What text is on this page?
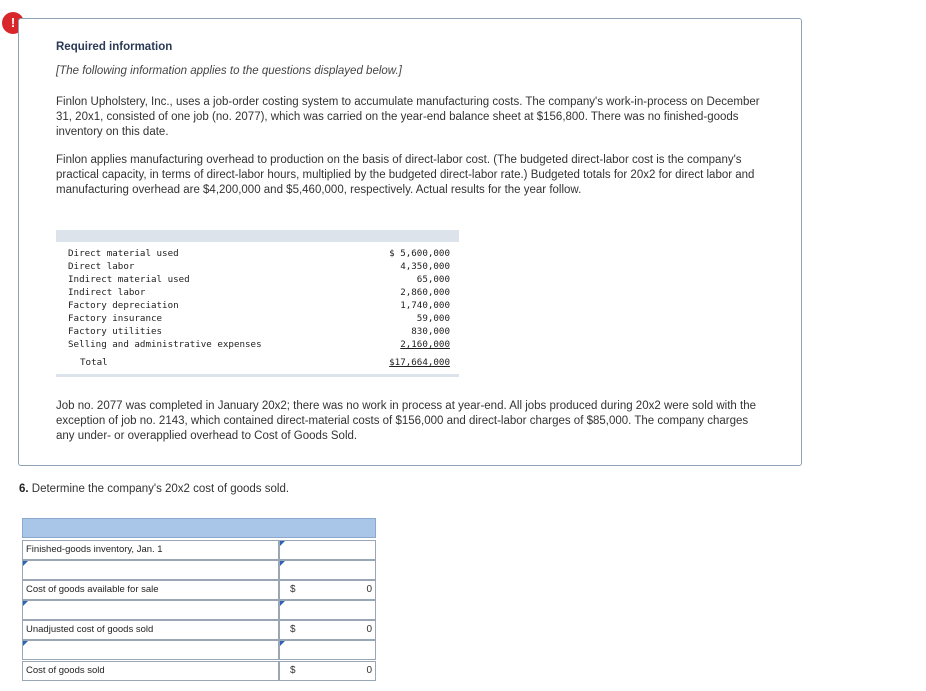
!
Required information
[The following information applies to the questions displayed below.]
Finlon Upholstery, Inc., uses a job-order costing system to accumulate manufacturing costs. The company's work-in-process on December 31, 20x1, consisted of one job (no. 2077), which was carried on the year-end balance sheet at $156,800. There was no finished-goods inventory on this date.
Finlon applies manufacturing overhead to production on the basis of direct-labor cost. (The budgeted direct-labor cost is the company's practical capacity, in terms of direct-labor hours, multiplied by the budgeted direct-labor rate.) Budgeted totals for 20x2 for direct labor and manufacturing overhead are $4,200,000 and $5,460,000, respectively. Actual results for the year follow.
Direct material used	$ 5,600,000
Direct labor	4,350,000
Indirect material used	65,000
Indirect labor	2,860,000
Factory depreciation	1,740,000
Factory insurance	59,000
Factory utilities	830,000
Selling and administrative expenses	2,160,000
Total	$17,664,000
Job no. 2077 was completed in January 20x2; there was no work in process at year-end. All jobs produced during 20x2 were sold with the exception of job no. 2143, which contained direct-material costs of $156,000 and direct-labor charges of $85,000. The company charges any under- or overapplied overhead to Cost of Goods Sold.
6. Determine the company's 20x2 cost of goods sold.
Finished-goods inventory, Jan. 1
Cost of goods available for sale	$	0
Unadjusted cost of goods sold	$	0
Cost of goods sold	$	0
